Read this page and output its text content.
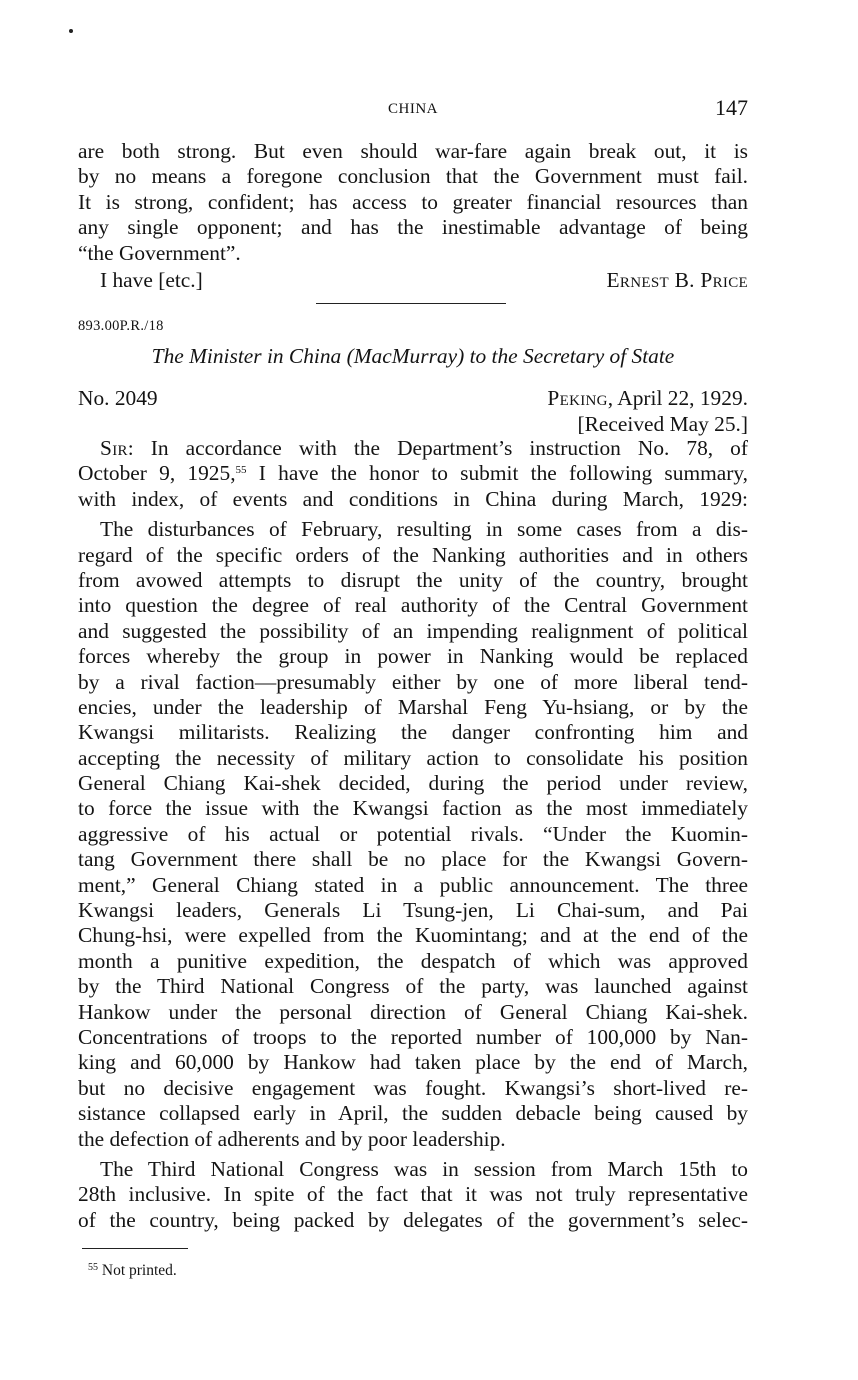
CHINA	147
are both strong. But even should war-fare again break out, it is
by no means a foregone conclusion that the Government must fail.
It is strong, confident; has access to greater financial resources than
any single opponent; and has the inestimable advantage of being
“the Government”.
I have [etc.]	Ernest B. Price
893.00P.R./18
The Minister in China (MacMurray) to the Secretary of State
No. 2049	Peking, April 22, 1929.
[Received May 25.]
Sir: In accordance with the Department’s instruction No. 78, of
October 9, 1925,55 I have the honor to submit the following summary,
with index, of events and conditions in China during March, 1929:
The disturbances of February, resulting in some cases from a dis-
regard of the specific orders of the Nanking authorities and in others
from avowed attempts to disrupt the unity of the country, brought
into question the degree of real authority of the Central Government
and suggested the possibility of an impending realignment of political
forces whereby the group in power in Nanking would be replaced
by a rival faction—presumably either by one of more liberal tend-
encies, under the leadership of Marshal Feng Yu-hsiang, or by the
Kwangsi militarists. Realizing the danger confronting him and
accepting the necessity of military action to consolidate his position
General Chiang Kai-shek decided, during the period under review,
to force the issue with the Kwangsi faction as the most immediately
aggressive of his actual or potential rivals. “Under the Kuomin-
tang Government there shall be no place for the Kwangsi Govern-
ment,” General Chiang stated in a public announcement. The three
Kwangsi leaders, Generals Li Tsung-jen, Li Chai-sum, and Pai
Chung-hsi, were expelled from the Kuomintang; and at the end of the
month a punitive expedition, the despatch of which was approved
by the Third National Congress of the party, was launched against
Hankow under the personal direction of General Chiang Kai-shek.
Concentrations of troops to the reported number of 100,000 by Nan-
king and 60,000 by Hankow had taken place by the end of March,
but no decisive engagement was fought. Kwangsi’s short-lived re-
sistance collapsed early in April, the sudden debacle being caused by
the defection of adherents and by poor leadership.
The Third National Congress was in session from March 15th to
28th inclusive. In spite of the fact that it was not truly representative
of the country, being packed by delegates of the government’s selec-
$^{55}$ Not printed.
